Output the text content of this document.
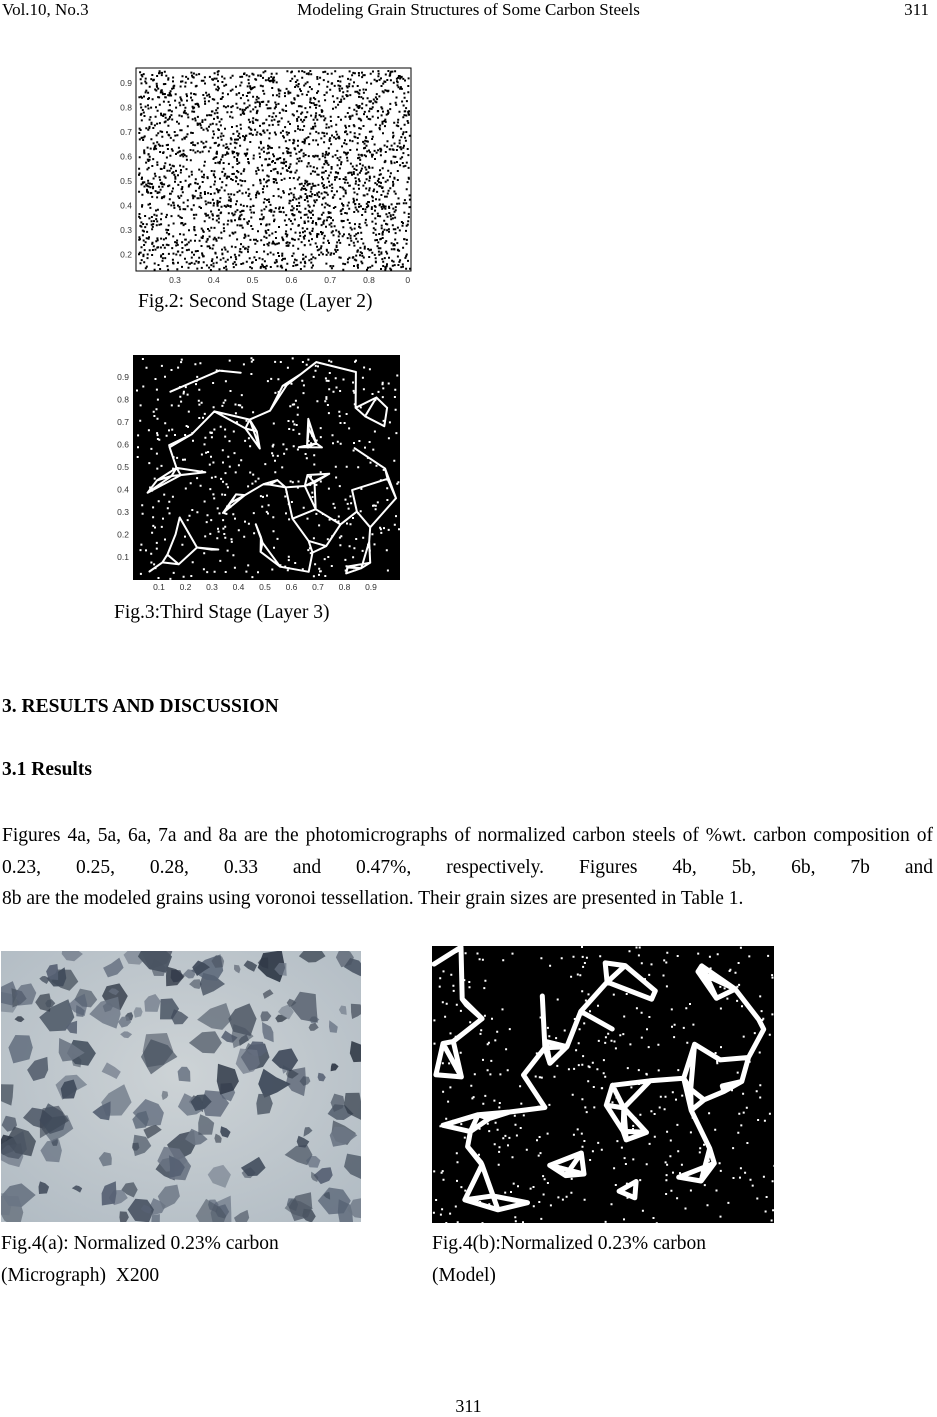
Vol.10, No.3	Modeling Grain Structures of Some Carbon Steels	311
0.9
0.8
0.7
0.6
0.5
0.4
0.3
0.2
0.3	0.4	0.5	0.6	0.7	0.8	0
Fig.2: Second Stage (Layer 2)
0.9
0.8
0.7
0.6
0.5
0.4
0.3
0.2
0.1
0.1 0.2 0.3 0.4 0.5 0.6 0.7 0.8 0.9
Fig.3:Third Stage (Layer 3)
3. RESULTS AND DISCUSSION
3.1 Results
Figures 4a, 5a, 6a, 7a and 8a are the photomicrographs of normalized carbon steels of %wt. carbon composition of 0.23, 0.25, 0.28, 0.33 and 0.47%, respectively. Figures 4b, 5b, 6b, 7b and
8b are the modeled grains using voronoi tessellation. Their grain sizes are presented in Table 1.
Fig.4(a): Normalized 0.23% carbon
(Micrograph)  X200
Fig.4(b):Normalized 0.23% carbon
(Model)
311
